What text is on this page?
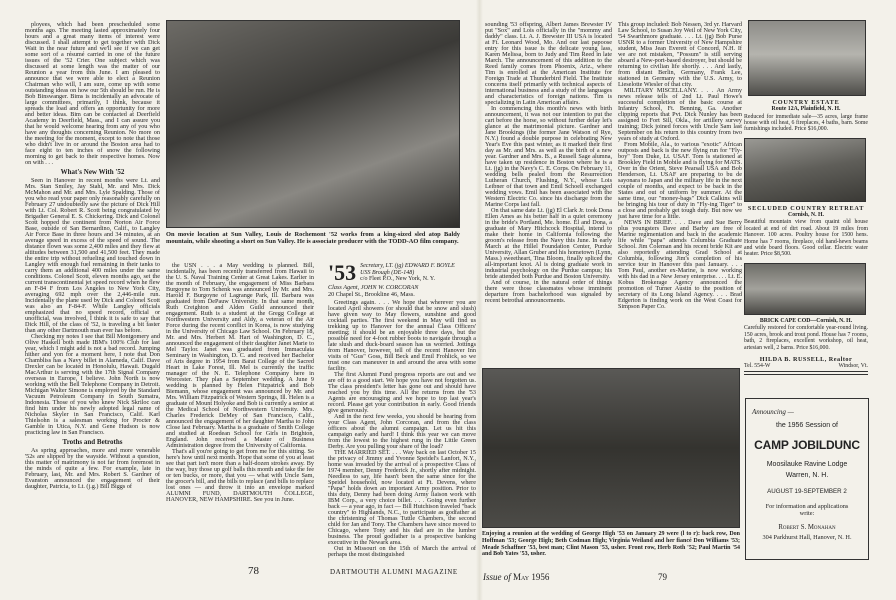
ployees, which had been prescheduled some months ago. The meeting lasted approximately four hours and a great many items of interest were discussed. I shall attempt to get together with Dick Wait in the near future and we'll see if we can get some sort of a résumé carried in one of the future issues of the '52 Crier. One subject which was discussed at some length was the matter of our Reunion a year from this June. I am pleased to announce that we were able to elect a Reunion Chairman who will, I am sure, come up with some outstanding ideas on how our 5th should be run. He is Bob Binswanger. Bims is incidentally an advocate of large committees, primarily, I think, because it spreads the load and offers an opportunity for more and better ideas. Bim can be contacted at Deerfield Academy in Deerfield, Mass., and I can assure you that he would welcome hearing from any of you who have any thoughts concerning Reunion. No more on the meeting for the moment, except to note that those who didn't live in or around the Boston area had to face eight to ten inches of snow the following morning to get back to their respective homes. Now on with . . .

What's New With '52

Seen in Hanover in recent months were Lt. and Mrs. Stan Smiley, Jay Stahl, Mr. and Mrs. Dick McMahon and Mr. and Mrs. Lyle Spalding. Those of you who read your paper only reasonably carefully on February 27 undoubtedly saw the picture of Dick Hill with Lt. Col. Robert R. Scott being congratulated by Brigadier General E. S. Chickering. Dick and Colonel Scott hopped the continent from Norton Air Force Base, outside of San Bernardino, Calif., to Langley Air Force Base in three hours and 34 minutes, at an average speed in excess of the speed of sound. The distance flown was some 2,400 miles and they flew at altitudes between 31,500 and 41,500 feet. They made the entire trip without refueling and touched down in Langley with enough fuel remaining in their tanks to carry them an additional 400 miles under the same conditions. Colonel Scott, eleven months ago, set the current transcontinental jet speed record when he flew an F-84 F from Los Angeles to New York City, averaging 692 mph over the 2,446-mile run. Incidentally the plane used by Dick and Colonel Scott was also an F-84-F. While Langley officials emphasized that no speed record, official or unofficial, was involved, I think it is safe to say that Dick Hill, of the class of '52, is traveling a bit faster than any other Dartmouth man ever has before.

Checking my notes I see that Bill Montgomery and Olive Haskell both made IBM's 100% Club for last year, which I might add is not a bad record. Jumping hither and yon for a moment here, I note that Don Chambliss has a Navy billet in Alameda, Calif. Dave Drexler can be located in Honolulu, Hawaii. Dugald MacArthur is serving with the 17th Signal Company overseas in Europe, I believe. John North is now working with the Bell Telephone Company in Detroit. Michigan Walter Simone is employed by the Standard Vacuum Petroleum Company in South Sumatra, Indonesia. Those of you who knew Nick Skriloc can find him under his newly adopted legal name of Nicholas Skyler in San Francisco, Calif. Karl Thielsohn is a salesman working for Procter & Gamble in Utica, N.Y. and Gene Hudson is now practicing law in San Francisco.

Troths and Betroths

As spring approaches, more and more venerable '52s are slipped by the wayside. Without a question, this matter of matrimony is not far from foremost in the minds of quite a few. For example, late in February, last, Mr. and Mrs. Robert S. Gardner of Evanston announced the engagement of their daughter, Patricia, to Lt. (j.g.) Bill Biggs of

On movie location at Sun Valley, Louis de Rochemont '52 works from a king-sized sled atop Baldy mountain, while shooting a short on Sun Valley. He is associate producer with the TODD-AO film company.

the USN . . . a May wedding is planned. Bill, incidentally, has been recently transferred from Hawaii to the U. S. Naval Training Center at Great Lakes. Earlier in the month of February, the engagement of Miss Barbara Burgoyne to Tom Schenk was announced by Mr. and Mrs. Harold F. Burgoyne of Lagrange Park, Ill. Barbara was graduated from DePauw University. In that same month, Ruth Creighton and Alden Guild announced their engagement. Ruth is a student at the Gregg College at Northwestern University and Aldy, a veteran of the Air Force during the recent conflict in Korea, is now studying in the University of Chicago Law School. On February 18, Mr. and Mrs. Herbert M. Hart of Washington, D. C., announced the engagement of their daughter Janet Marie to Mel Taylor. Janet was graduated from Immaculata Seminary in Washington, D. C. and received her Bachelor of Arts degree in 1954 from Barat College of the Sacred Heart in Lake Forest, Ill. Mel is currently the traffic manager of the N. E. Telephone Company here in Worcester. They plan a September wedding. A June 9 wedding is planned by Helen Fitzpatrick and Bob Biemann, whose engagement was announced by Mr. and Mrs. William Fitzpatrick of Western Springs, Ill. Helen is a graduate of Mount Holyoke and Bob is currently a senior at the Medical School of Northwestern University. Mrs. Charles Frederick DeMey of San Francisco, Calif., announced the engagement of her daughter Martha to John Close last February. Martha is a graduate of Smith College and studied at Roedean School for Girls in Brighton, England. John received a Master of Business Administration degree from the University of California.

That's all you're going to get from me for this sitting. So here's how until next month. Hope that some of you at least see that part isn't more than a half-dozen strokes away. By the way, buy those up golf balls this month and take the fee or ten bucks, or more, that you — what with Uncle Sam, the grocer's bill, and the bills to replace (and bills to replace lost ones — and throw it into an envelope marked ALUMNI FUND, DARTMOUTH COLLEGE, HANOVER, NEW HAMPSHIRE. See you in June.

'53 Secretary, LT. (jg) EDWARD F. BOYLE
USS Brough (DE-148)
c/o Fleet P.O., New York, N. Y.
Class Agent, JOHN W. CORCORAN
20 Chapel St., Brookline 46, Mass.

Greetings again. . . . We hope that wherever you are located April showers (or should that be snow and slush) have given way to May flowers, sunshine and good cocktail parties. The first weekend in May will find us trekking up to Hanover for the annual Class Officers' meeting; it should be an enjoyable three days, but the possible need for 4-foot rubber boots to navigate through a late slush and duck-board season has us worried. Jottings from Hanover, however, tell of the recent Hanover Inn visits of "Gus" Goss, Bill Beck and Emil Frohlick, so we trust one can maneuver in and around the area with some facility.

The first Alumni Fund progress reports are out and we are off to a good start. We hope you have not forgotten us. The class president's letter has gone out and should have reached you by this time. All the returns from the '53 Agents are encouraging and we hope to top last year's record. Please get your contribution in early. Good friends give generously.

And in the next few weeks, you should be hearing from your Class Agent, John Corcoran, and from the class officers about the alumni campaign. Let us hit this campaign early and hard! I think this year we can move from the lowest to the highest rung in the Little Green Derby. Are you pulling your share of the load?

THE MARRIED SET. . . . Way back on last October 15 the privacy of Jimmy and Yvonne Speidel's Lanfort, N.Y., home was invaded by the arrival of a prospective Class of 1974 member, Denny Frederick Jr., shortly after midnight. Needless to say, life hasn't been the same since for the Speidel household, now located at Ft. Devens, where "Papa" holds down an important Army position. Prior to this duty, Denny had been doing Army liaison work with IBM Corp., a very choice billet. . . . Going even further back — a year ago, in fact — Bill Hutchison traveled "back country" to Highlands, N.C., to participate as godfather at the christening of Thomas Tuttle Chambers, the second child for Jan and Tony. The Chambers have since moved to Chicago, where Tony and his dad are in the lumber business. The proud godfather is a prospective banking executive in the Newark area.

Out in Missouri on the 15th of March the arrival of perhaps the most distinguished

78	DARTMOUTH ALUMNI MAGAZINE

sounding '53 offspring, Albert James Brewster IV put "Sox" and Lois officially in the "mommy and daddy" class. Lt. A. J. Brewster III USA is located at Ft. Leonard Wood, Mo. And our last papoose entry for this issue is the delicate young lass, Karen Melissa, born to Judy and Tim Reed in late March. The announcement of this addition to the Reed family comes from Phoenix, Ariz., where Tim is enrolled at the American Institute for Foreign Trade at Thunderbird Field. The Institute concerns itself primarily with technical aspects of international business and a study of the languages and characteristics of foreign nations. Tim is specializing in Latin American affairs.

In commencing this month's news with birth announcement, it was not our intention to put the cart before the horse, so without further delay let's glance at the matrimonial picture. Gardner and Jane Brookings (the former Jane Watson of Rye, N.Y.) found a double purpose in celebrating New Year's Eve this past winter, as it marked their first day as Mr. and Mrs. as well as the birth of a new year. Gardner and Mrs. B., a Russell Sage alumna, have taken up residence in Boston where he is a Lt. (jg) in the Navy's C. E. Corps. On February 11, wedding bells pealed from the Resurrection Lutheran Church, Flushing, N.Y., whose Lois Leibner of that town and Emil Schoell exchanged wedding vows. Emil has been associated with the Western Electric Co. since his discharge from the Marine Corps last fall.

On that same date Lt. (jg) El Clark Jr. took Dona Ellen Ames as his better half in a quiet ceremony in the bride's Portland, Me. home. El and Dona, a graduate of Mary Hitchcock Hospital, intend to make their home in California following the groom's release from the Navy this June. In early March at the Hillel Foundation Center, Purdue University, Allan Gruber and his hometown (Lynn, Mass.) sweetheart, Tina Bloom, finally spliced the all-important knot. Al is doing graduate work in industrial psychology on the Purdue campus; his bride attended both Purdue and Boston University.

And of course, in the natural order of things there were those classmates whose imminent departure from bachelorhood was signaled by recent betrothal announcements.

This group included: Bob Nessen, 3rd yr. Harvard Law School, to Susan Joy Weil of New York City, '54 Swarthmore graduate. . . . Lt. (jg) Bob Purse USNR to a former University of New Hampshire student, Miss Jean Everett of Concord, N.H. If we are not mistaken, "Possum" is still serving aboard a New-port-based destroyer, but should be returning to civilian life shortly. . . . And lastly, from distant Berlin, Germany, Frank Lee, stationed in Germany with the U.S. Army, to Lieselotte Wiesler of that city.

MILITARY MISCELLANY. . . . An Army news release tells of 2nd Lt. Paul Howe's successful completion of the basic course at Infantry School, Ft. Benning, Ga. Another clipping reports that Pvt. Dick Nunley has been assigned to Fort Sill, Okla., for artillery survey training; Dick joined forces with Uncle Sam last September on his return to this country from two years of study at Oxford.

From Mobile, Ala., to various "exotic" African outposts and back is the new flying run for "Fly-boy" Tom Duke, Lt. USAF. Tom is stationed at Brookley Field in Mobile and is flying for MATS. Over in the Orient, Steve Pearsall USA and Bob Henderson, Lt. USAF are preparing to bu de sayonara to Japan and the military life in the next couple of months, and expect to be back in the States and out of uniform by summer. At the same time, our "money-bags" Dick Calkins will be bringing his tour of duty in "Fly-ing Tiger" to a close and probably get tough duty. But now we just have time for a little.

NEWS IN BRIEF. . . . Dave and Sue Berry plus youngsters Dave and Barby are free of Marine regimentation and back in the academic life while "papa" attends Columbia Graduate School. Jim Coleman and his recent bride Kit are also reportedly attending Grad School at Columbia, following Jim's completion of his service tour in Hanover this past January. . . . Tom Paul, another ex-Marine, is now working with his dad in a New Jersey enterprise. . . . Lt. E. Kobus Brokerage Agency announced the promotion of Turner Austin to the position of secretary of its Long Island Agency. . . . Brad Edgerton is finding work on the West Coast for Simpson Paper Co.

Enjoying a reunion at the wedding of George High '53 on January 29 were (l to r): back row, Don Hoffman '53; George High; Beth Codman High; Virginia Weiland and her fiancé Don Williams '53; Meade Schaffner '53, best man; Clint Mason '53, usher. Front row, Herb Roth '52; Paul Martin '54 and Bob Yates '53, usher.
Issue of May 1956	79
COUNTRY ESTATE
Route 12A, Plainfield, N. H.
Reduced for immediate sale—35 acres, large frame house with oil heat, 6 fireplaces, 4 baths, barn. Some furnishings included. Price $16,000.
SECLUDED COUNTRY RETREAT
Cornish, N. H.
Beautiful mountain view from quaint old house located at end of dirt road. About 19 miles from Hanover. 100 acres. Poultry house for 1500 hens. Home has 7 rooms, fireplace, old hand-hewn beams and wide board floors. Good cellar. Electric water heater. Price $8,500.
BRICK CAPE COD—Cornish, N. H.
Carefully restored for comfortable year-round living. 150 acres, brook and trout pond. House has 7 rooms, bath, 2 fireplaces, excellent workshop, oil heat, artesian well, 2 barns. Price $16,000.
HILDA B. RUSSELL, Realtor
Tel. 554-W	Windsor, Vt.
Announcing —
the 1956 Session of
CAMP JOBILDUNC
Moosilauke Ravine Lodge
Warren, N. H.
AUGUST 19-SEPTEMBER 2
For information and applications write:
Robert S. Monahan
304 Parkhurst Hall, Hanover, N. H.
